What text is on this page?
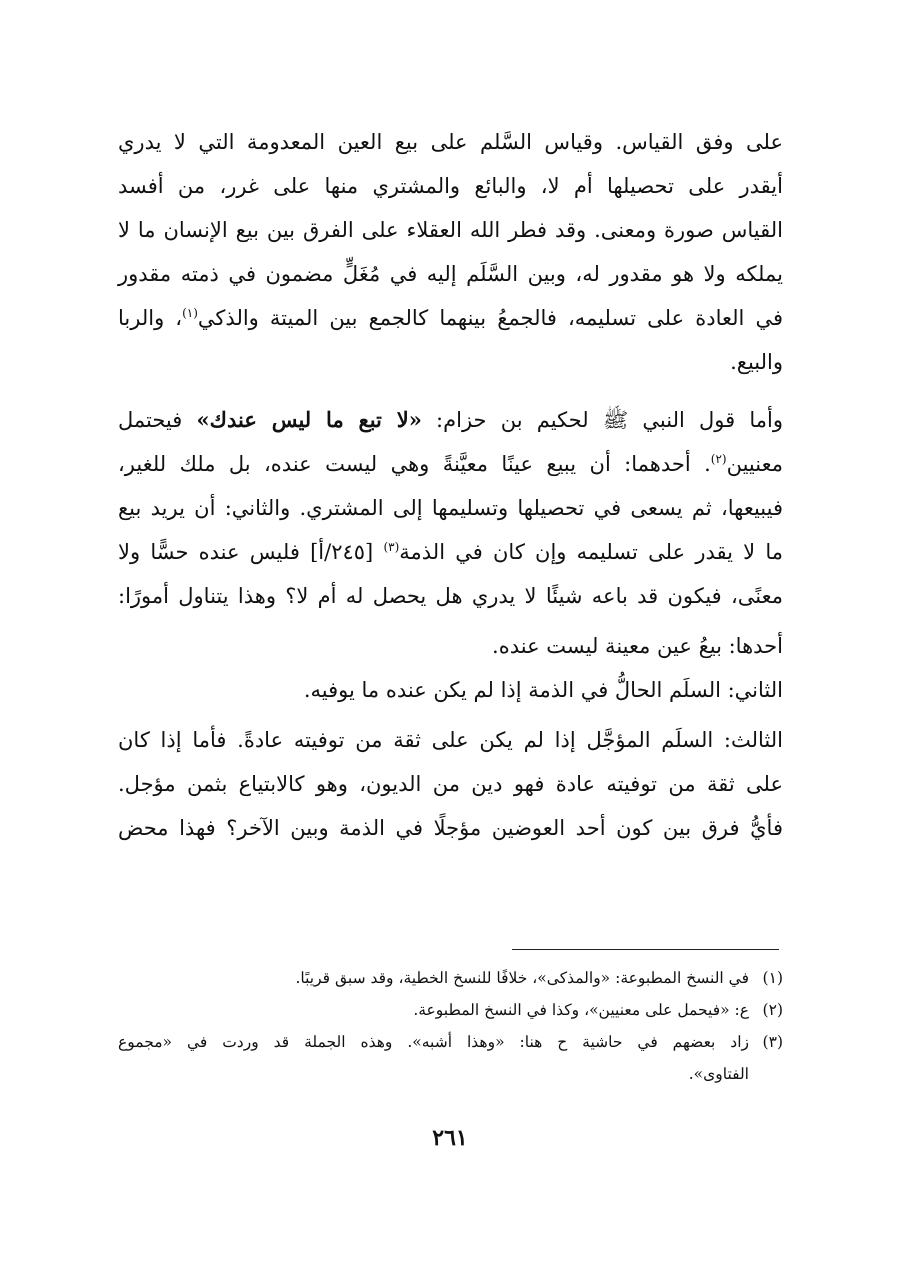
على وفق القياس. وقياس السَّلم على بيع العين المعدومة التي لا يدري
أيقدر على تحصيلها أم لا، والبائع والمشتري منها على غرر، من أفسد
القياس صورة ومعنى. وقد فطر الله العقلاء على الفرق بين بيع الإنسان ما لا
يملكه ولا هو مقدور له، وبين السَّلَم إليه في مُغَلٍّ مضمون في ذمته مقدور
في العادة على تسليمه، فالجمعُ بينهما كالجمع بين الميتة والذكي$^{(١)}$، والربا
والبيع.
وأما قول النبي ﷺ لحكيم بن حزام: «لا تبع ما ليس عندك» فيحتمل
معنيين$^{(٢)}$. أحدهما: أن يبيع عينًا معيَّنةً وهي ليست عنده، بل ملك للغير،
فيبيعها، ثم يسعى في تحصيلها وتسليمها إلى المشتري. والثاني: أن يريد بيع
ما لا يقدر على تسليمه وإن كان في الذمة$^{(٣)}$ [٢٤٥/أ] فليس عنده حسًّا ولا
معنًى، فيكون قد باعه شيئًا لا يدري هل يحصل له أم لا؟ وهذا يتناول أمورًا:
أحدها: بيعُ عين معينة ليست عنده.
الثاني: السلَم الحالُّ في الذمة إذا لم يكن عنده ما يوفيه.
الثالث: السلَم المؤجَّل إذا لم يكن على ثقة من توفيته عادةً. فأما إذا كان
على ثقة من توفيته عادة فهو دين من الديون، وهو كالابتياع بثمن مؤجل.
فأيُّ فرق بين كون أحد العوضين مؤجلًا في الذمة وبين الآخر؟ فهذا محض
(١)
في النسخ المطبوعة: «والمذكى»، خلافًا للنسخ الخطية، وقد سبق قريبًا.
(٢)
ع: «فيحمل على معنيين»، وكذا في النسخ المطبوعة.
(٣)
زاد بعضهم في حاشية ح هنا: «وهذا أشبه». وهذه الجملة قد وردت في «مجموع
الفتاوى».
٢٦١
